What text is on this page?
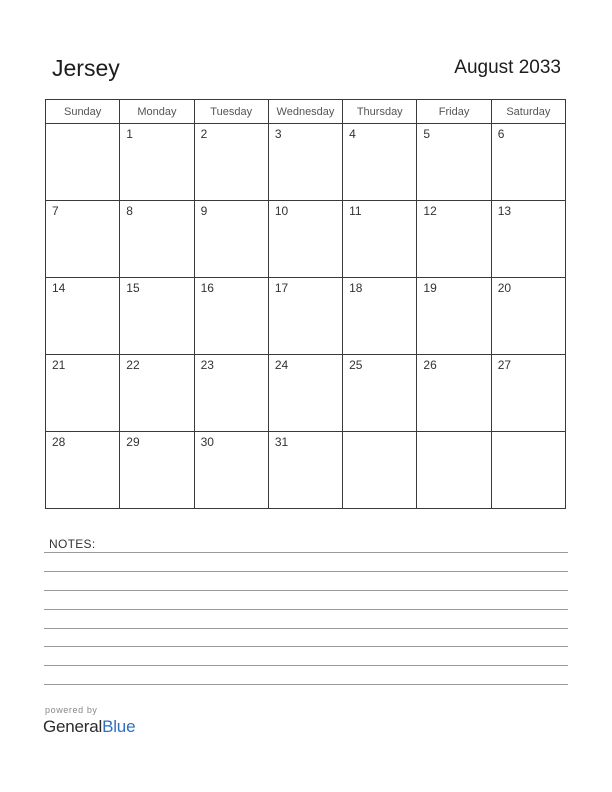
Jersey	August 2033
Sunday	Monday	Tuesday	Wednesday	Thursday	Friday	Saturday

	1	2	3	4	5	6

7	8	9	10	11	12	13

14	15	16	17	18	19	20

21	22	23	24	25	26	27

28	29	30	31			

NOTES:
powered by
GeneralBlue
